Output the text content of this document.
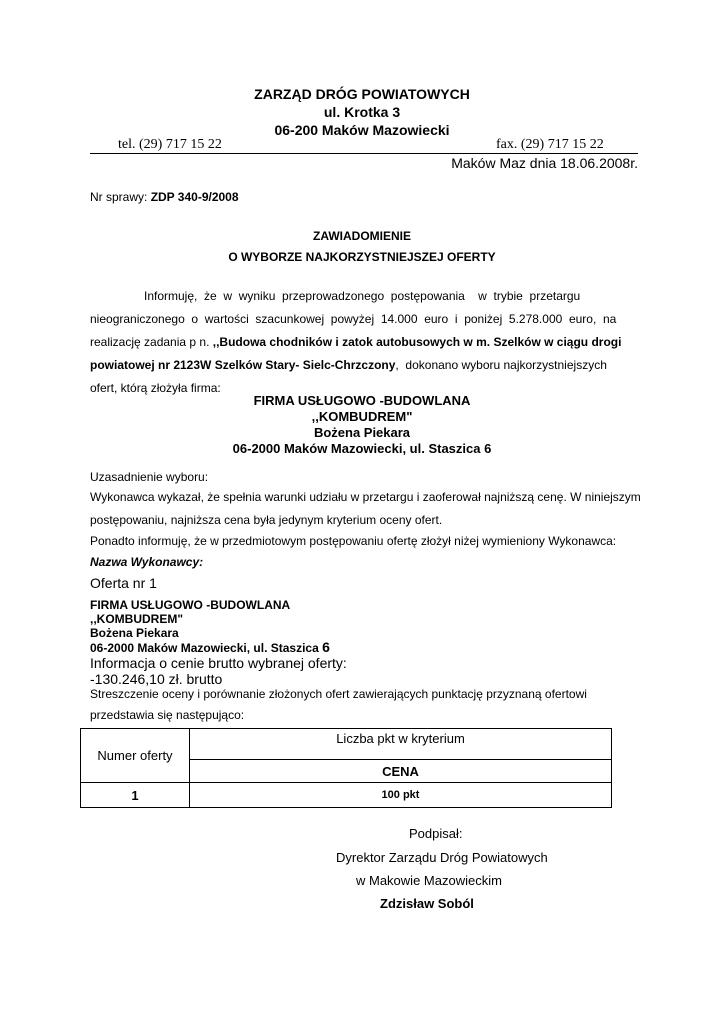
ZARZĄD DRÓG POWIATOWYCH
ul. Krotka 3
06-200 Maków Mazowiecki
tel. (29) 717 15 22	fax. (29) 717 15 22
Maków Maz dnia 18.06.2008r.
Nr sprawy: ZDP 340-9/2008
ZAWIADOMIENIE
O WYBORZE NAJKORZYSTNIEJSZEJ OFERTY
Informuję,  że  w  wyniku  przeprowadzonego  postępowania    w  trybie  przetargu
nieograniczonego  o  wartości  szacunkowej  powyżej  14.000  euro  i  poniżej  5.278.000  euro,  na
realizację zadania p n. ,,Budowa chodników i zatok autobusowych w m. Szelków w ciągu drogi
powiatowej nr 2123W Szelków Stary- Sielc-Chrzczony,  dokonano wyboru najkorzystniejszych
ofert, którą złożyła firma:
FIRMA USŁUGOWO -BUDOWLANA
,,KOMBUDREM"
Bożena Piekara
06-2000 Maków Mazowiecki, ul. Staszica 6
Uzasadnienie wyboru:
Wykonawca wykazał, że spełnia warunki udziału w przetargu i zaoferował najniższą cenę. W niniejszym
postępowaniu, najniższa cena była jedynym kryterium oceny ofert.
Ponadto informuję, że w przedmiotowym postępowaniu ofertę złożył niżej wymieniony Wykonawca:
Nazwa Wykonawcy:
Oferta nr 1
FIRMA USŁUGOWO -BUDOWLANA
,,KOMBUDREM"
Bożena Piekara
06-2000 Maków Mazowiecki, ul. Staszica 6
Informacja o cenie brutto wybranej oferty:
-130.246,10 zł. brutto
Streszczenie oceny i porównanie złożonych ofert zawierających punktację przyznaną ofertowi
przedstawia się następująco:
Numer oferty	Liczba pkt w kryterium
	CENA
1	100 pkt
Podpisał:
Dyrektor Zarządu Dróg Powiatowych
w Makowie Mazowieckim
Zdzisław Soból
